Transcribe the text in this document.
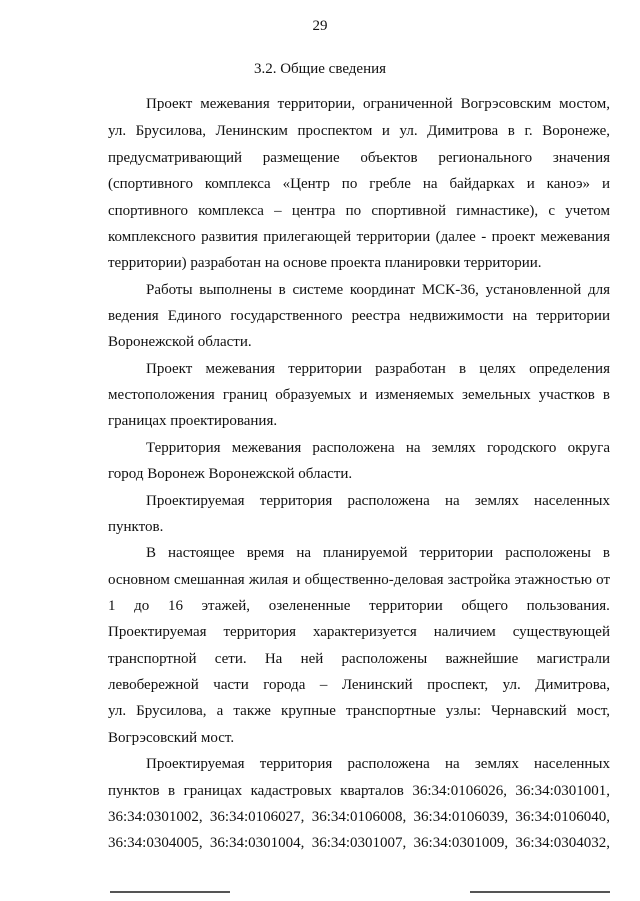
29
3.2. Общие сведения
Проект межевания территории, ограниченной Вогрэсовским мостом,
ул. Брусилова, Ленинским проспектом и ул. Димитрова в г. Воронеже,
предусматривающий размещение объектов регионального значения
(спортивного комплекса «Центр по гребле на байдарках и каноэ» и
спортивного комплекса – центра по спортивной гимнастике), с учетом
комплексного развития прилегающей территории (далее - проект межевания
территории) разработан на основе проекта планировки территории.
Работы выполнены в системе координат МСК-36, установленной для
ведения Единого государственного реестра недвижимости на территории
Воронежской области.
Проект межевания территории разработан в целях определения
местоположения границ образуемых и изменяемых земельных участков в
границах проектирования.
Территория межевания расположена на землях городского округа
город Воронеж Воронежской области.
Проектируемая территория расположена на землях населенных
пунктов.
В настоящее время на планируемой территории расположены в
основном смешанная жилая и общественно-деловая застройка этажностью от
1 до 16 этажей, озелененные территории общего пользования.
Проектируемая территория характеризуется наличием существующей
транспортной сети. На ней расположены важнейшие магистрали
левобережной части города – Ленинский проспект, ул. Димитрова,
ул. Брусилова, а также крупные транспортные узлы: Чернавский мост,
Вогрэсовский мост.
Проектируемая территория расположена на землях населенных
пунктов в границах кадастровых кварталов 36:34:0106026, 36:34:0301001,
36:34:0301002, 36:34:0106027, 36:34:0106008, 36:34:0106039, 36:34:0106040,
36:34:0304005, 36:34:0301004, 36:34:0301007, 36:34:0301009, 36:34:0304032,
